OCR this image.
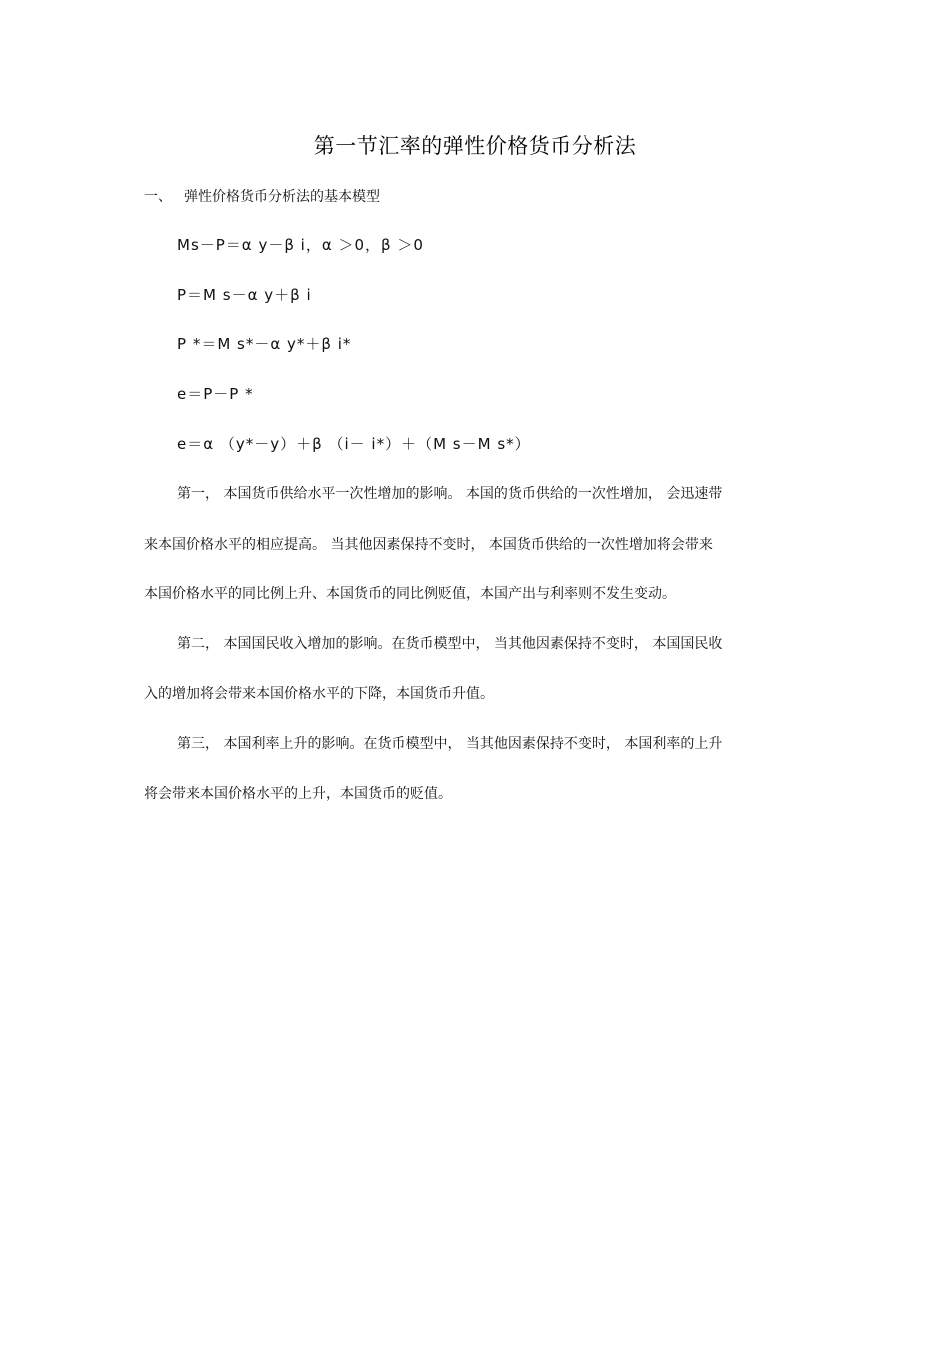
第一节汇率的弹性价格货币分析法
一、 弹性价格货币分析法的基本模型
Ms－P＝α y－β i，α ＞0，β ＞0
P＝M s－α y＋β i
P *＝M s*－α y*＋β i*
e＝P－P *
e＝α （y*－y）＋β （i－ i*）＋（M s－M s*）
第一， 本国货币供给水平一次性增加的影响。 本国的货币供给的一次性增加， 会迅速带
来本国价格水平的相应提高。 当其他因素保持不变时， 本国货币供给的一次性增加将会带来
本国价格水平的同比例上升、本国货币的同比例贬值，本国产出与利率则不发生变动。
第二， 本国国民收入增加的影响。在货币模型中， 当其他因素保持不变时， 本国国民收
入的增加将会带来本国价格水平的下降，本国货币升值。
第三， 本国利率上升的影响。在货币模型中， 当其他因素保持不变时， 本国利率的上升
将会带来本国价格水平的上升，本国货币的贬值。
